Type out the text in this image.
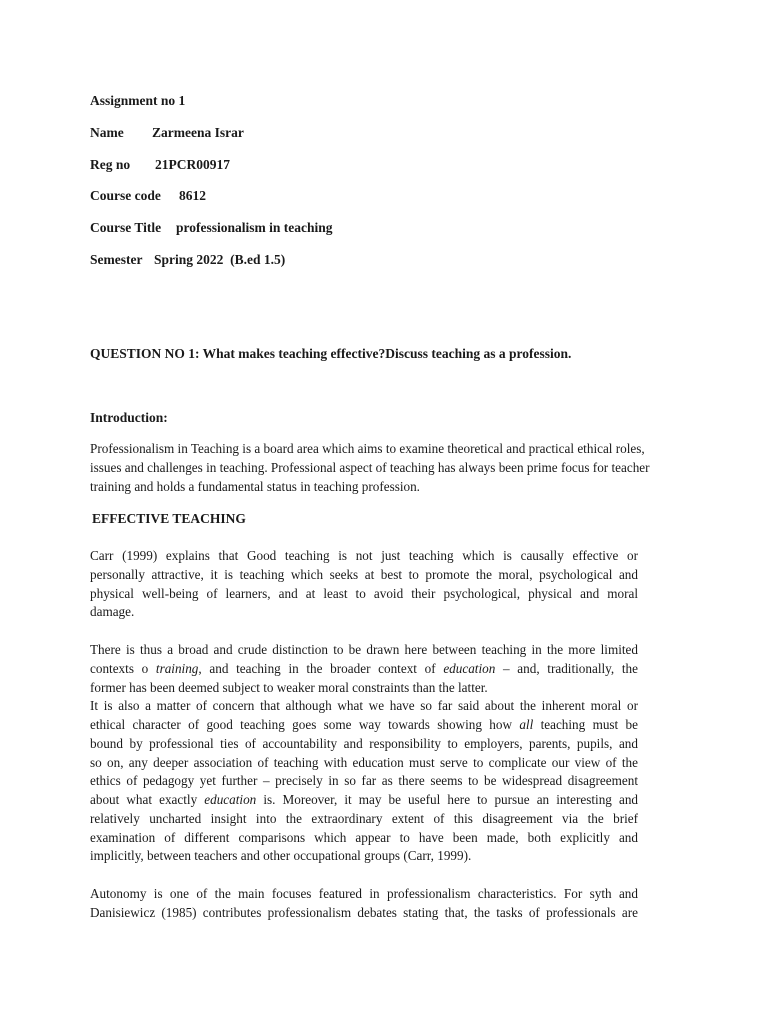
Assignment no 1
Name Zarmeena Israr
Reg no 21PCR00917
Course code 8612
Course Title professionalism in teaching
Semester Spring 2022  (B.ed 1.5)
QUESTION NO 1: What makes teaching effective?Discuss teaching as a profession.
Introduction:
Professionalism in Teaching is a board area which aims to examine theoretical and practical ethical roles,
issues and challenges in teaching. Professional aspect of teaching has always been prime focus for teacher
training and holds a fundamental status in teaching profession.
EFFECTIVE TEACHING
Carr (1999) explains that Good teaching is not just teaching which is causally effective or
personally attractive, it is teaching which seeks at best to promote the moral, psychological and
physical well-being of learners, and at least to avoid their psychological, physical and moral
damage.
There is thus a broad and crude distinction to be drawn here between teaching in the more limited
contexts o training, and teaching in the broader context of education – and, traditionally, the
former has been deemed subject to weaker moral constraints than the latter.
It is also a matter of concern that although what we have so far said about the inherent moral or
ethical character of good teaching goes some way towards showing how all teaching must be
bound by professional ties of accountability and responsibility to employers, parents, pupils, and
so on, any deeper association of teaching with education must serve to complicate our view of the
ethics of pedagogy yet further – precisely in so far as there seems to be widespread disagreement
about what exactly education is. Moreover, it may be useful here to pursue an interesting and
relatively uncharted insight into the extraordinary extent of this disagreement via the brief
examination of different comparisons which appear to have been made, both explicitly and
implicitly, between teachers and other occupational groups (Carr, 1999).
Autonomy is one of the main focuses featured in professionalism characteristics. For syth and
Danisiewicz (1985) contributes professionalism debates stating that, the tasks of professionals are
